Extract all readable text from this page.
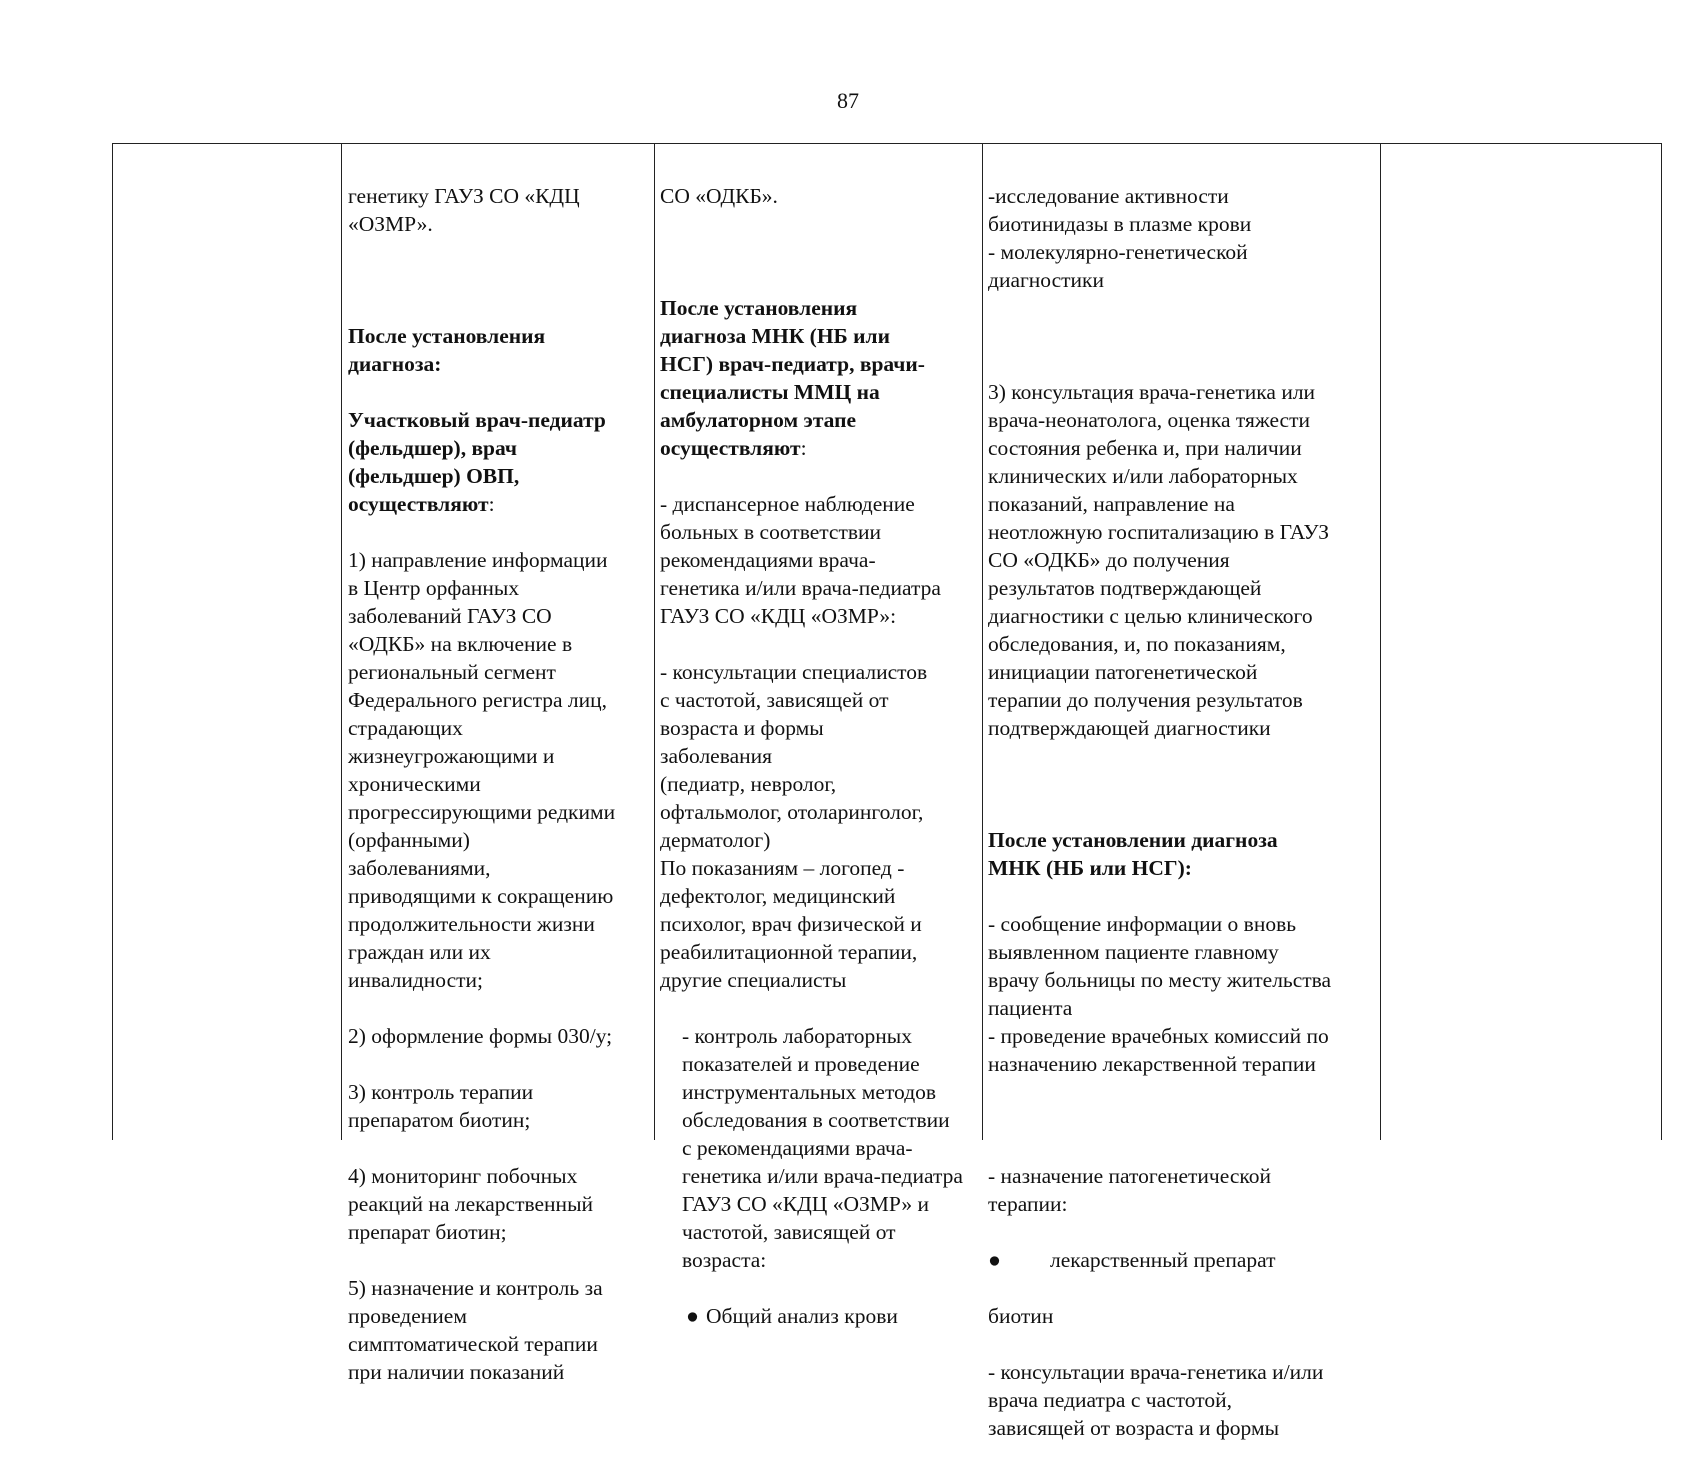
87

генетику ГАУЗ СО «КДЦ
«ОЗМР».

После установления
диагноза:

Участковый врач-педиатр
(фельдшер), врач
(фельдшер) ОВП,
осуществляют:

1) направление информации
в Центр орфанных
заболеваний ГАУЗ СО
«ОДКБ» на включение в
региональный сегмент
Федерального регистра лиц,
страдающих
жизнеугрожающими и
хроническими
прогрессирующими редкими
(орфанными)
заболеваниями,
приводящими к сокращению
продолжительности жизни
граждан или их
инвалидности;

2) оформление формы 030/у;

3) контроль терапии
препаратом биотин;

4) мониторинг побочных
реакций на лекарственный
препарат биотин;

5) назначение и контроль за
проведением
симптоматической терапии
при наличии показаний

СО «ОДКБ».

После установления
диагноза МНК (НБ или
НСГ) врач-педиатр, врачи-
специалисты ММЦ на
амбулаторном этапе
осуществляют:

- диспансерное наблюдение
больных в соответствии
рекомендациями врача-
генетика и/или врача-педиатра
ГАУЗ СО «КДЦ «ОЗМР»:

- консультации специалистов
с частотой, зависящей от
возраста и формы
заболевания
(педиатр, невролог,
офтальмолог, отоларинголог,
дерматолог)
По показаниям – логопед -
дефектолог, медицинский
психолог, врач физической и
реабилитационной терапии,
другие специалисты

- контроль лабораторных
показателей и проведение
инструментальных методов
обследования в соответствии
с рекомендациями врача-
генетика и/или врача-педиатра
ГАУЗ СО «КДЦ «ОЗМР» и
частотой, зависящей от
возраста:

● Общий анализ крови

-исследование активности
биотинидазы в плазме крови
- молекулярно-генетической
диагностики

3) консультация врача-генетика или
врача-неонатолога, оценка тяжести
состояния ребенка и, при наличии
клинических и/или лабораторных
показаний, направление на
неотложную госпитализацию в ГАУЗ
СО «ОДКБ» до получения
результатов подтверждающей
диагностики с целью клинического
обследования, и, по показаниям,
инициации патогенетической
терапии до получения результатов
подтверждающей диагностики

После установлении диагноза
МНК (НБ или НСГ):

- сообщение информации о вновь
выявленном пациенте главному
врачу больницы по месту жительства
пациента
- проведение врачебных комиссий по
назначению лекарственной терапии

- назначение патогенетической
терапии:

●	лекарственный препарат

биотин

- консультации врача-генетика и/или
врача педиатра с частотой,
зависящей от возраста и формы
